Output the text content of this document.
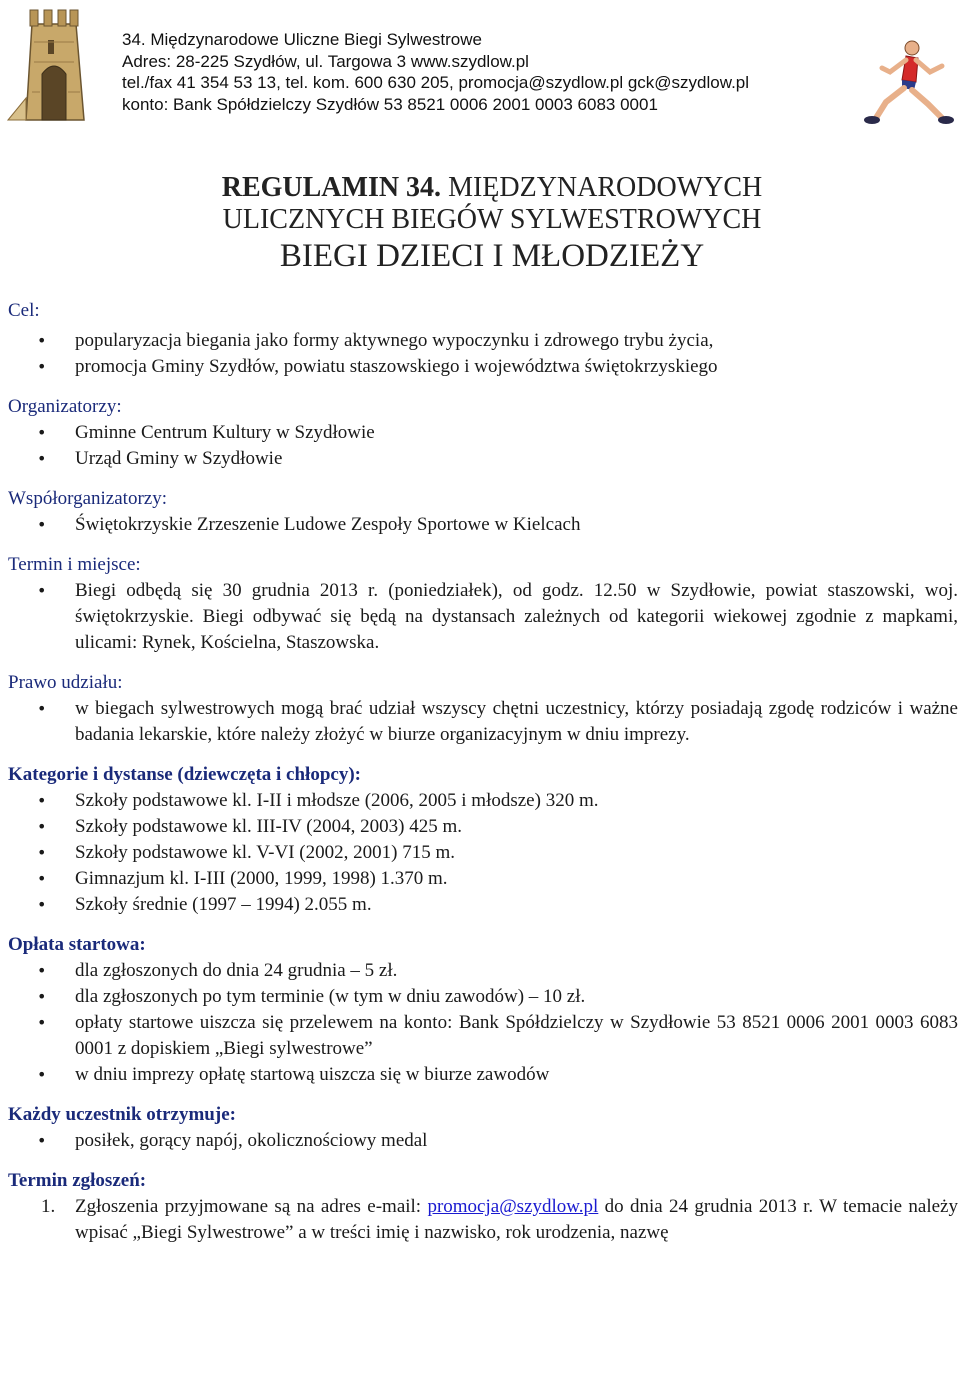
34. Międzynarodowe Uliczne Biegi Sylwestrowe
Adres: 28-225 Szydłów, ul. Targowa 3 www.szydlow.pl
tel./fax 41 354 53 13, tel. kom. 600 630 205, promocja@szydlow.pl gck@szydlow.pl
konto: Bank Spółdzielczy Szydłów 53 8521 0006 2001 0003 6083 0001
REGULAMIN 34. MIĘDZYNARODOWYCH
ULICZNYCH BIEGÓW SYLWESTROWYCH
BIEGI DZIECI I MŁODZIEŻY

Cel:

• popularyzacja biegania jako formy aktywnego wypoczynku i zdrowego trybu życia,
• promocja Gminy Szydłów, powiatu staszowskiego i województwa świętokrzyskiego

Organizatorzy:

• Gminne Centrum Kultury w Szydłowie
• Urząd Gminy w Szydłowie

Współorganizatorzy:

• Świętokrzyskie Zrzeszenie Ludowe Zespoły Sportowe w Kielcach

Termin i miejsce:

• Biegi odbędą się 30 grudnia 2013 r. (poniedziałek), od godz. 12.50 w Szydłowie, powiat staszowski, woj. świętokrzyskie. Biegi odbywać się będą na dystansach zależnych od kategorii wiekowej zgodnie z mapkami, ulicami: Rynek, Kościelna, Staszowska.

Prawo udziału:

• w biegach sylwestrowych mogą brać udział wszyscy chętni uczestnicy, którzy posiadają zgodę rodziców i ważne badania lekarskie, które należy złożyć w biurze organizacyjnym w dniu imprezy.

Kategorie i dystanse (dziewczęta i chłopcy):

• Szkoły podstawowe kl. I-II i młodsze (2006, 2005 i młodsze) 320 m.
• Szkoły podstawowe kl. III-IV (2004, 2003) 425 m.
• Szkoły podstawowe kl. V-VI (2002, 2001) 715 m.
• Gimnazjum kl. I-III (2000, 1999, 1998) 1.370 m.
• Szkoły średnie (1997 – 1994) 2.055 m.

Opłata startowa:

• dla zgłoszonych do dnia 24 grudnia – 5 zł.
• dla zgłoszonych po tym terminie (w tym w dniu zawodów) – 10 zł.
• opłaty startowe uiszcza się przelewem na konto: Bank Spółdzielczy w Szydłowie 53 8521 0006 2001 0003 6083 0001 z dopiskiem „Biegi sylwestrowe”
• w dniu imprezy opłatę startową uiszcza się w biurze zawodów

Każdy uczestnik otrzymuje:

• posiłek, gorący napój, okolicznościowy medal

Termin zgłoszeń:

1. Zgłoszenia przyjmowane są na adres e-mail: promocja@szydlow.pl do dnia 24 grudnia 2013 r. W temacie należy wpisać „Biegi Sylwestrowe” a w treści imię i nazwisko, rok urodzenia, nazwę
